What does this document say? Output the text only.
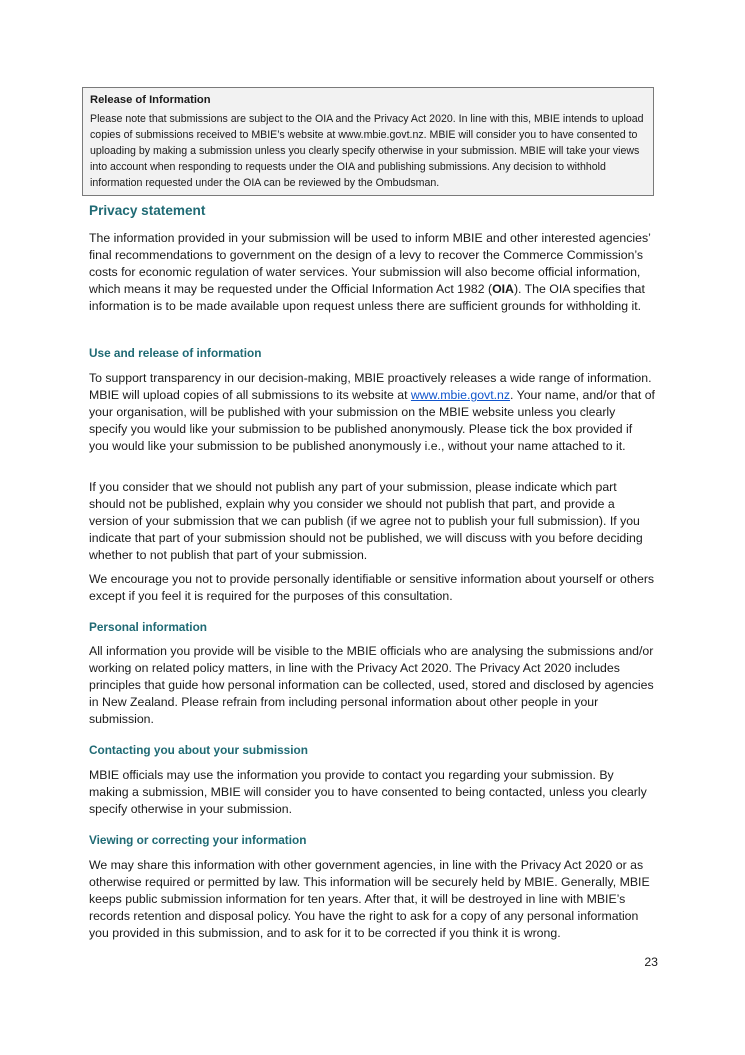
Release of Information

Please note that submissions are subject to the OIA and the Privacy Act 2020. In line with this, MBIE intends to upload copies of submissions received to MBIE’s website at www.mbie.govt.nz. MBIE will consider you to have consented to uploading by making a submission unless you clearly specify otherwise in your submission. MBIE will take your views into account when responding to requests under the OIA and publishing submissions. Any decision to withhold information requested under the OIA can be reviewed by the Ombudsman.

Privacy statement

The information provided in your submission will be used to inform MBIE and other interested agencies’ final recommendations to government on the design of a levy to recover the Commerce Commission’s costs for economic regulation of water services. Your submission will also become official information, which means it may be requested under the Official Information Act 1982 (OIA). The OIA specifies that information is to be made available upon request unless there are sufficient grounds for withholding it.

Use and release of information

To support transparency in our decision-making, MBIE proactively releases a wide range of information. MBIE will upload copies of all submissions to its website at www.mbie.govt.nz. Your name, and/or that of your organisation, will be published with your submission on the MBIE website unless you clearly specify you would like your submission to be published anonymously. Please tick the box provided if you would like your submission to be published anonymously i.e., without your name attached to it.

If you consider that we should not publish any part of your submission, please indicate which part should not be published, explain why you consider we should not publish that part, and provide a version of your submission that we can publish (if we agree not to publish your full submission). If you indicate that part of your submission should not be published, we will discuss with you before deciding whether to not publish that part of your submission.

We encourage you not to provide personally identifiable or sensitive information about yourself or others except if you feel it is required for the purposes of this consultation.

Personal information

All information you provide will be visible to the MBIE officials who are analysing the submissions and/or working on related policy matters, in line with the Privacy Act 2020. The Privacy Act 2020 includes principles that guide how personal information can be collected, used, stored and disclosed by agencies in New Zealand. Please refrain from including personal information about other people in your submission.

Contacting you about your submission

MBIE officials may use the information you provide to contact you regarding your submission. By making a submission, MBIE will consider you to have consented to being contacted, unless you clearly specify otherwise in your submission.

Viewing or correcting your information

We may share this information with other government agencies, in line with the Privacy Act 2020 or as otherwise required or permitted by law. This information will be securely held by MBIE. Generally, MBIE keeps public submission information for ten years. After that, it will be destroyed in line with MBIE’s records retention and disposal policy. You have the right to ask for a copy of any personal information you provided in this submission, and to ask for it to be corrected if you think it is wrong.

23
